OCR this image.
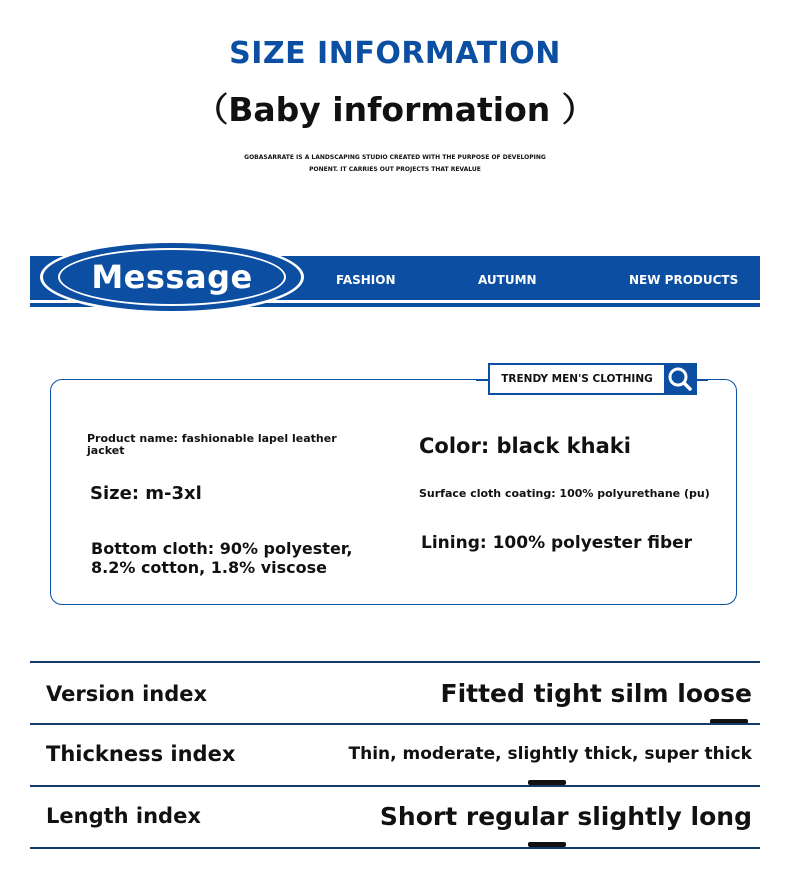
SIZE INFORMATION
（Baby information ）
GOBASARRATE IS A LANDSCAPING STUDIO CREATED WITH THE PURPOSE OF DEVELOPING
PONENT. IT CARRIES OUT PROJECTS THAT REVALUE
Message	FASHION	AUTUMN	NEW PRODUCTS
TRENDY MEN'S CLOTHING
Product name: fashionable lapel leather jacket	Color: black khaki
Size: m-3xl	Surface cloth coating: 100% polyurethane (pu)
Bottom cloth: 90% polyester,
8.2% cotton, 1.8% viscose
Lining: 100% polyester fiber
Version index	Fitted tight silm loose
Thickness index	Thin, moderate, slightly thick, super thick
Length index	Short regular slightly long
